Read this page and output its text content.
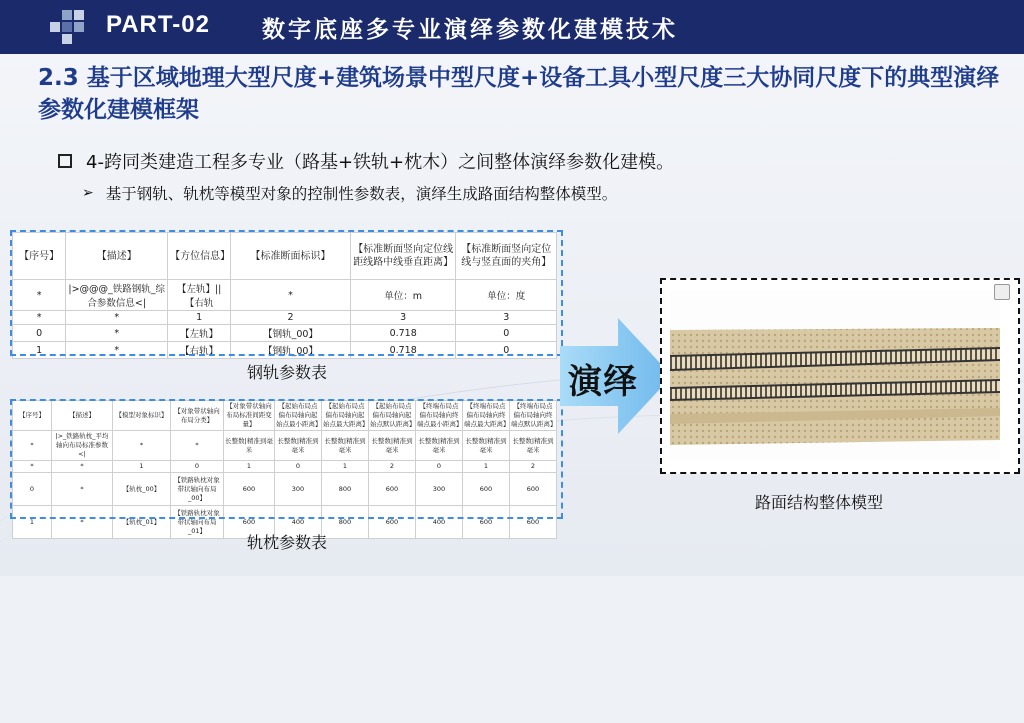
PART-02 数字底座多专业演绎参数化建模技术
2.3 基于区域地理大型尺度+建筑场景中型尺度+设备工具小型尺度三大协同尺度下的典型演绎参数化建模框架
4-跨同类建造工程多专业（路基+铁轨+枕木）之间整体演绎参数化建模。
➢ 基于钢轨、轨枕等模型对象的控制性参数表，演绎生成路面结构整体模型。
【序号】	【描述】	【方位信息】	【标准断面标识】	【标准断面竖向定位线距线路中线垂直距离】	【标准断面竖向定位线与竖直面的夹角】
*	|>@@@_铁路钢轨_综合参数信息<|	【左轨】||【右轨	*	单位：m	单位：度
*	*	1	2	3	3
0	*	【左轨】	【钢轨_00】	0.718	0
1	*	【右轨】	【钢轨_00】	0.718	0
钢轨参数表
【序号】	【描述】	【模型对象标识】	【对象带状轴向布局分类】	【对象带状轴向布局标准间距变量】	【起始布局点偏布局轴向起始点最小距离】	【起始布局点偏布局轴向起始点最大距离】	【起始布局点偏布局轴向起始点默认距离】	【终端布局点偏布局轴向终端点最小距离】	【终端布局点偏布局轴向终端点最大距离】	【终端布局点偏布局轴向终端点默认距离】
*	|>_铁路轨枕_平均轴向布局标准参数<|	*	*	长整数|精准到毫米	长整数|精准到毫米	长整数|精准到毫米	长整数|精准到毫米	长整数|精准到毫米	长整数|精准到毫米	长整数|精准到毫米
*	*	1	0	1	0	1	2	0	1	2
0	*	【轨枕_00】	【铁路轨枕对象带状轴向布局_00】	600	300	800	600	300	600	600
1	*	【轨枕_01】	【铁路轨枕对象带状轴向布局_01】	600	400	800	600	400	600	600
轨枕参数表
演绎
路面结构整体模型
